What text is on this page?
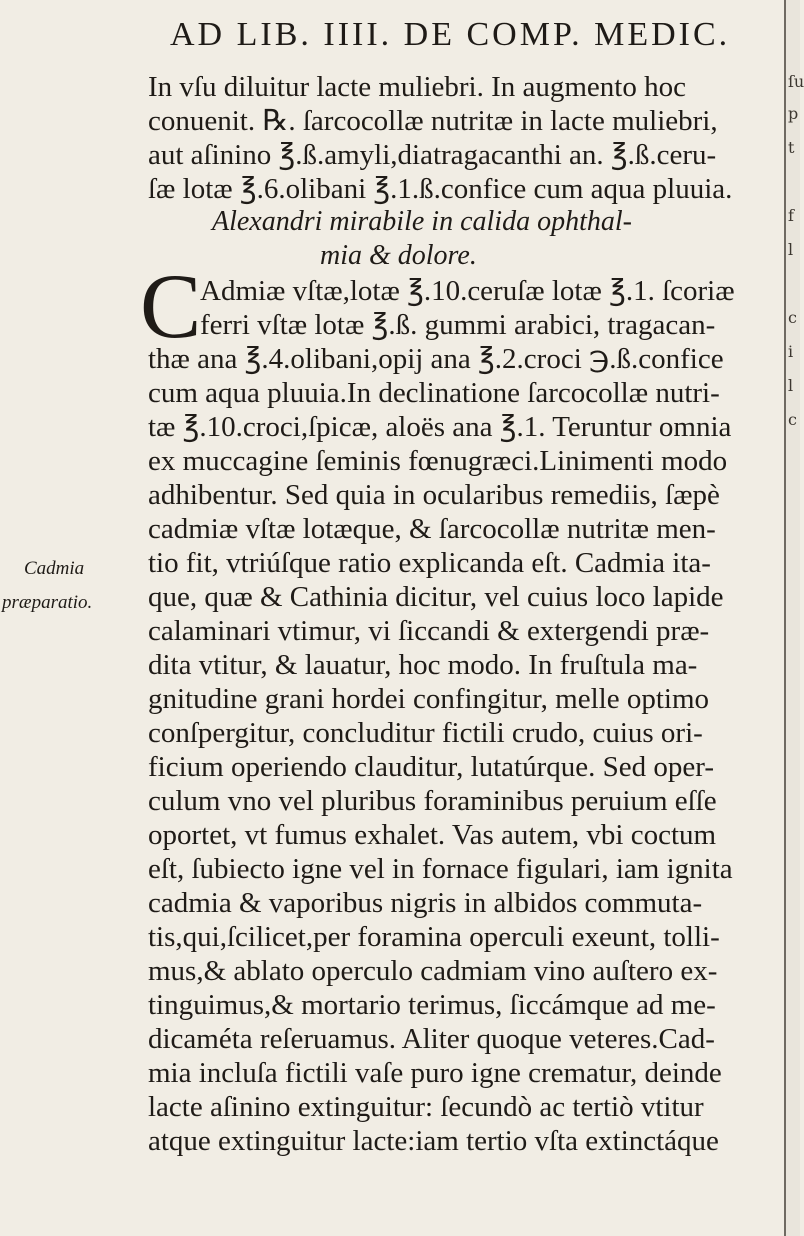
AD LIB. IIII. DE COMP. MEDIC.
In vſu diluitur lacte muliebri. In augmento hoc
conuenit. ℞. ſarcocollæ nutritæ in lacte muliebri,
aut aſinino ℥.ß.amyli,diatragacanthi an. ℥.ß.ceru-
ſæ lotæ ℥.6.olibani ℥.1.ß.confice cum aqua pluuia.
Alexandri mirabile in calida ophthal-
mia & dolore.
C
Admiæ vſtæ,lotæ ℥.10.ceruſæ lotæ ℥.1. ſcoriæ
ferri vſtæ lotæ ℥.ß. gummi arabici, tragacan-
thæ ana ℥.4.olibani,opij ana ℥.2.croci ℈.ß.confice
cum aqua pluuia.In declinatione ſarcocollæ nutri-
tæ ℥.10.croci,ſpicæ, aloës ana ℥.1. Teruntur omnia
ex muccagine ſeminis fœnugræci.Linimenti modo
adhibentur. Sed quia in ocularibus remediis, ſæpè
cadmiæ vſtæ lotæque, & ſarcocollæ nutritæ men-
tio fit, vtriúſque ratio explicanda eſt. Cadmia ita-
que, quæ & Cathinia dicitur, vel cuius loco lapide
calaminari vtimur, vi ſiccandi & extergendi præ-
dita vtitur, & lauatur, hoc modo. In fruſtula ma-
gnitudine grani hordei confingitur, melle optimo
conſpergitur, concluditur fictili crudo, cuius ori-
ficium operiendo clauditur, lutatúrque. Sed oper-
culum vno vel pluribus foraminibus peruium eſſe
oportet, vt fumus exhalet. Vas autem, vbi coctum
eſt, ſubiecto igne vel in fornace figulari, iam ignita
cadmia & vaporibus nigris in albidos commuta-
tis,qui,ſcilicet,per foramina operculi exeunt, tolli-
mus,& ablato operculo cadmiam vino auſtero ex-
tinguimus,& mortario terimus, ſiccámque ad me-
dicaméta reſeruamus. Aliter quoque veteres.Cad-
mia incluſa fictili vaſe puro igne crematur, deinde
lacte aſinino extinguitur: ſecundò ac tertiò vtitur
atque extinguitur lacte:iam tertio vſta extinctáque
Cadmia
præparatio.
ſu
p
t
f
l
c
i
l
c
